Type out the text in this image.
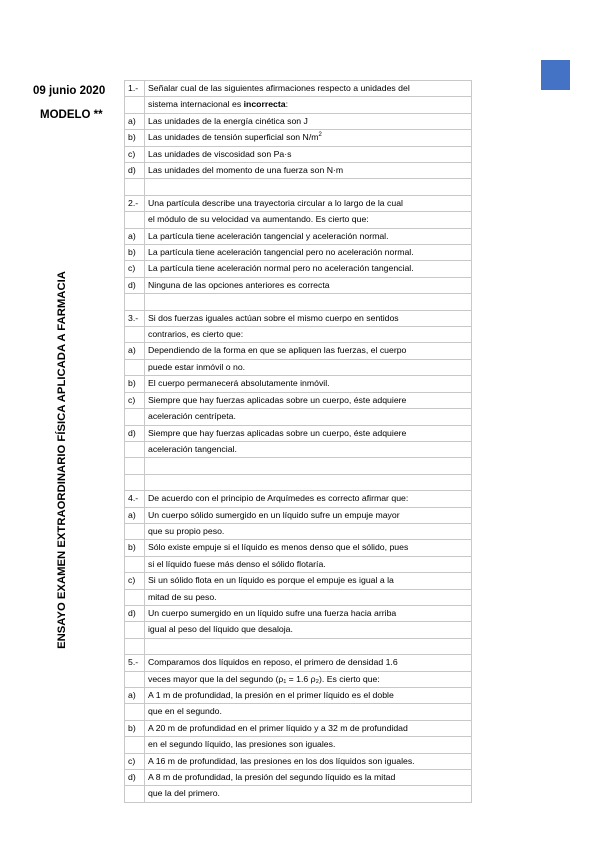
09 junio 2020
MODELO **
ENSAYO EXAMEN EXTRAORDINARIO FÍSICA APLICADA A FARMACIA
1.-	Señalar cual de las siguientes afirmaciones respecto a unidades del
	sistema internacional es incorrecta:
a)	Las unidades de la energía cinética son J
b)	Las unidades de tensión superficial son $N/m^2$
c)	Las unidades de viscosidad son Pa·s
d)	Las unidades del momento de una fuerza son N·m

2.-	Una partícula describe una trayectoria circular a lo largo de la cual
	el módulo de su velocidad va aumentando. Es cierto que:
a)	La partícula tiene aceleración tangencial y aceleración normal.
b)	La partícula tiene aceleración tangencial pero no aceleración normal.
c)	La partícula tiene aceleración normal pero no aceleración tangencial.
d)	Ninguna de las opciones anteriores es correcta

3.-	Si dos fuerzas iguales actúan sobre el mismo cuerpo en sentidos
	contrarios, es cierto que:
a)	Dependiendo de la forma en que se apliquen las fuerzas, el cuerpo
	puede estar inmóvil o no.
b)	El cuerpo permanecerá absolutamente inmóvil.
c)	Siempre que hay fuerzas aplicadas sobre un cuerpo, éste adquiere
	aceleración centrípeta.
d)	Siempre que hay fuerzas aplicadas sobre un cuerpo, éste adquiere
	aceleración tangencial.

4.-	De acuerdo con el principio de Arquímedes es correcto afirmar que:
a)	Un cuerpo sólido sumergido en un líquido sufre un empuje mayor
	que su propio peso.
b)	Sólo existe empuje si el líquido es menos denso que el sólido, pues
	si el líquido fuese más denso el sólido flotaría.
c)	Si un sólido flota en un líquido es porque el empuje es igual a la
	mitad de su peso.
d)	Un cuerpo sumergido en un líquido sufre una fuerza hacia arriba
	igual al peso del líquido que desaloja.

5.-	Comparamos dos líquidos en reposo, el primero de densidad 1.6
	veces mayor que la del segundo (ρ₁ = 1.6 ρ₂). Es cierto que:
a)	A 1 m de profundidad, la presión en el primer líquido es el doble
	que en el segundo.
b)	A 20 m de profundidad en el primer líquido y a 32 m de profundidad
	en el segundo líquido, las presiones son iguales.
c)	A 16 m de profundidad, las presiones en los dos líquidos son iguales.
d)	A 8 m de profundidad, la presión del segundo líquido es la mitad
	que la del primero.
